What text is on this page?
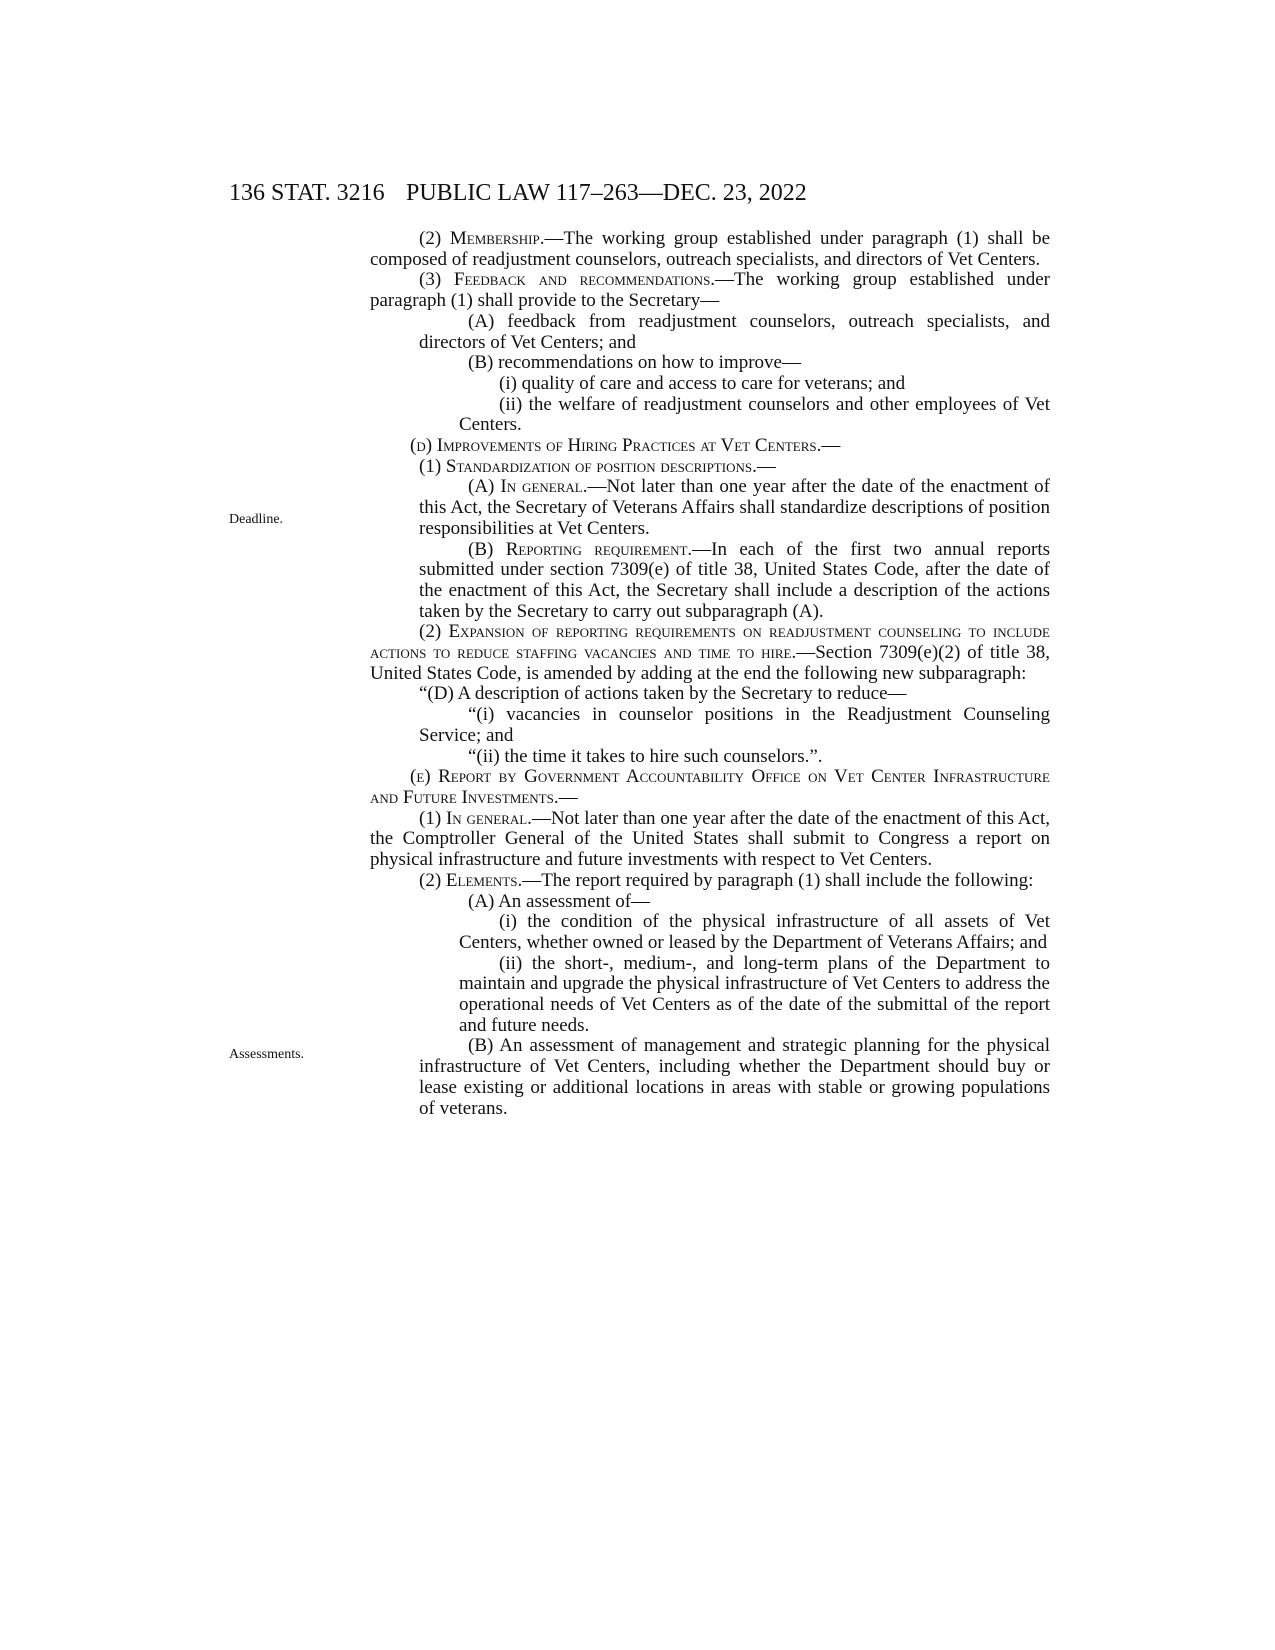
136 STAT. 3216 PUBLIC LAW 117–263—DEC. 23, 2022
Deadline.
Assessments.

(2) Membership.—The working group established under paragraph (1) shall be composed of readjustment counselors, outreach specialists, and directors of Vet Centers.

(3) Feedback and recommendations.—The working group established under paragraph (1) shall provide to the Secretary—

(A) feedback from readjustment counselors, outreach specialists, and directors of Vet Centers; and

(B) recommendations on how to improve—

(i) quality of care and access to care for veterans; and

(ii) the welfare of readjustment counselors and other employees of Vet Centers.

(d) Improvements of Hiring Practices at Vet Centers.—

(1) Standardization of position descriptions.—

(A) In general.—Not later than one year after the date of the enactment of this Act, the Secretary of Veterans Affairs shall standardize descriptions of position responsibilities at Vet Centers.

(B) Reporting requirement.—In each of the first two annual reports submitted under section 7309(e) of title 38, United States Code, after the date of the enactment of this Act, the Secretary shall include a description of the actions taken by the Secretary to carry out subparagraph (A).

(2) Expansion of reporting requirements on readjustment counseling to include actions to reduce staffing vacancies and time to hire.—Section 7309(e)(2) of title 38, United States Code, is amended by adding at the end the following new subparagraph:

“(D) A description of actions taken by the Secretary to reduce—

“(i) vacancies in counselor positions in the Readjustment Counseling Service; and

“(ii) the time it takes to hire such counselors.”.

(e) Report by Government Accountability Office on Vet Center Infrastructure and Future Investments.—

(1) In general.—Not later than one year after the date of the enactment of this Act, the Comptroller General of the United States shall submit to Congress a report on physical infrastructure and future investments with respect to Vet Centers.

(2) Elements.—The report required by paragraph (1) shall include the following:

(A) An assessment of—

(i) the condition of the physical infrastructure of all assets of Vet Centers, whether owned or leased by the Department of Veterans Affairs; and

(ii) the short-, medium-, and long-term plans of the Department to maintain and upgrade the physical infrastructure of Vet Centers to address the operational needs of Vet Centers as of the date of the submittal of the report and future needs.

(B) An assessment of management and strategic planning for the physical infrastructure of Vet Centers, including whether the Department should buy or lease existing or additional locations in areas with stable or growing populations of veterans.
